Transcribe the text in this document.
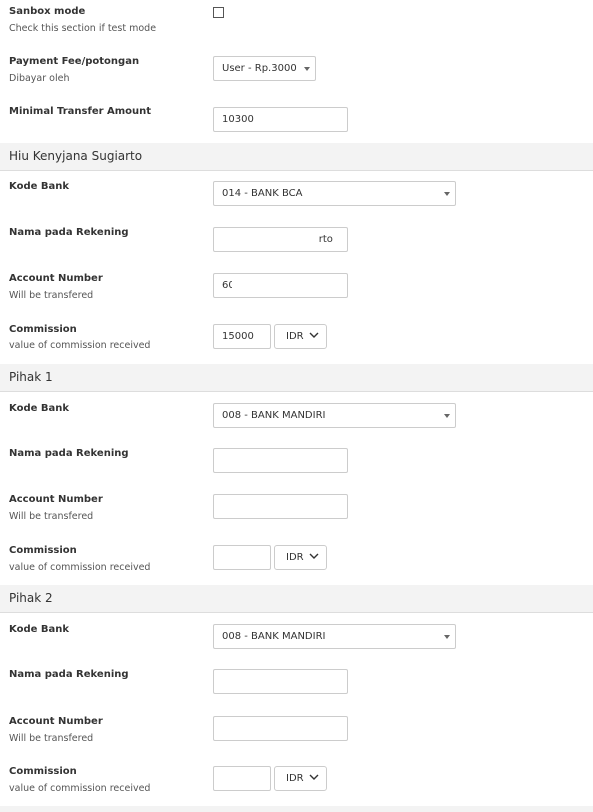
Sanbox mode
Check this section if test mode
Payment Fee/potongan
Dibayar oleh
User - Rp.3000
Minimal Transfer Amount
10300
Hiu Kenyjana Sugiarto
Kode Bank
014 - BANK BCA
Nama pada Rekening
Hiu Kenyjana Sugiarto
Account Number
Will be transfered
6000000000
Commission
value of commission received
15000
IDR
Pihak 1
Kode Bank
008 - BANK MANDIRI
Nama pada Rekening
Account Number
Will be transfered
Commission
value of commission received
IDR
Pihak 2
Kode Bank
008 - BANK MANDIRI
Nama pada Rekening
Account Number
Will be transfered
Commission
value of commission received
IDR
